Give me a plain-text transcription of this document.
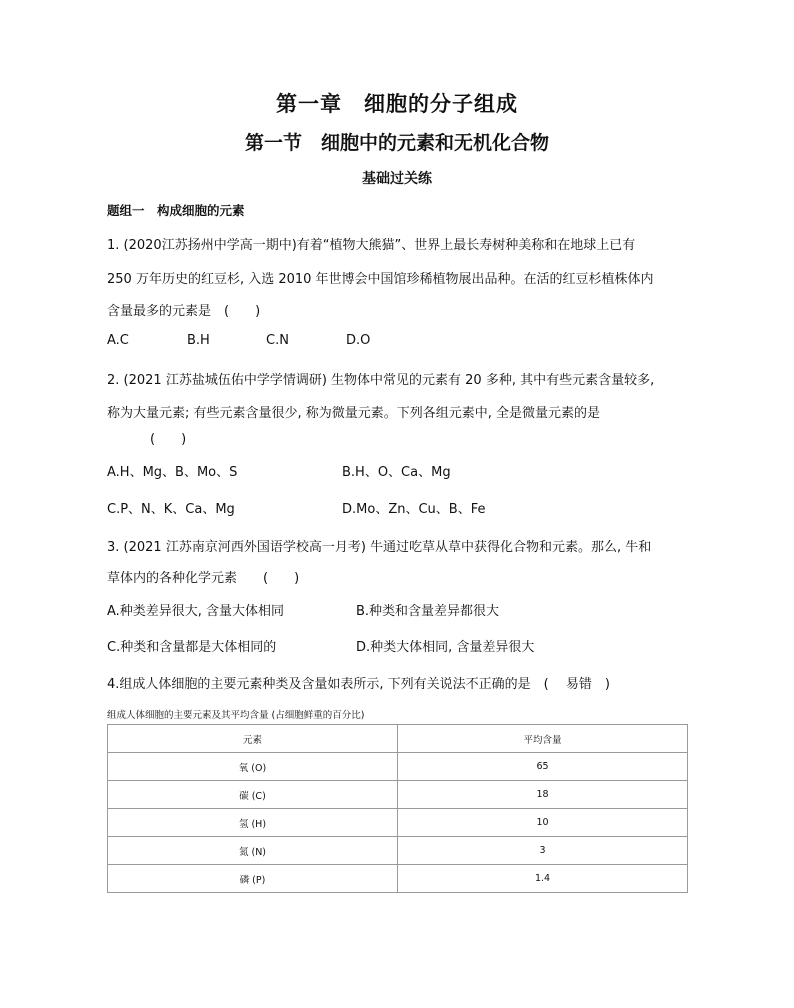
第一章　细胞的分子组成
第一节　细胞中的元素和无机化合物
基础过关练
题组一　构成细胞的元素
1. (2020江苏扬州中学高一期中)有着“植物大熊猫”、世界上最长寿树种美称和在地球上已有
250 万年历史的红豆杉, 入选 2010 年世博会中国馆珍稀植物展出品种。在活的红豆杉植株体内
含量最多的元素是　(　　)
A.C	B.H	C.N	D.O
2. (2021 江苏盐城伍佑中学学情调研) 生物体中常见的元素有 20 多种, 其中有些元素含量较多,
称为大量元素; 有些元素含量很少, 称为微量元素。下列各组元素中, 全是微量元素的是
(　　)
A.H、Mg、B、Mo、S	B.H、O、Ca、Mg
C.P、N、K、Ca、Mg	D.Mo、Zn、Cu、B、Fe
3. (2021 江苏南京河西外国语学校高一月考) 牛通过吃草从草中获得化合物和元素。那么, 牛和
草体内的各种化学元素　　(　　)
A.种类差异很大, 含量大体相同	B.种类和含量差异都很大
C.种类和含量都是大体相同的	D.种类大体相同, 含量差异很大
4.组成人体细胞的主要元素种类及含量如表所示, 下列有关说法不正确的是　(　 易错　)
组成人体细胞的主要元素及其平均含量 (占细胞鲜重的百分比)
元素	平均含量
氧 (O)	65
碳 (C)	18
氢 (H)	10
氮 (N)	3
磷 (P)	1.4
